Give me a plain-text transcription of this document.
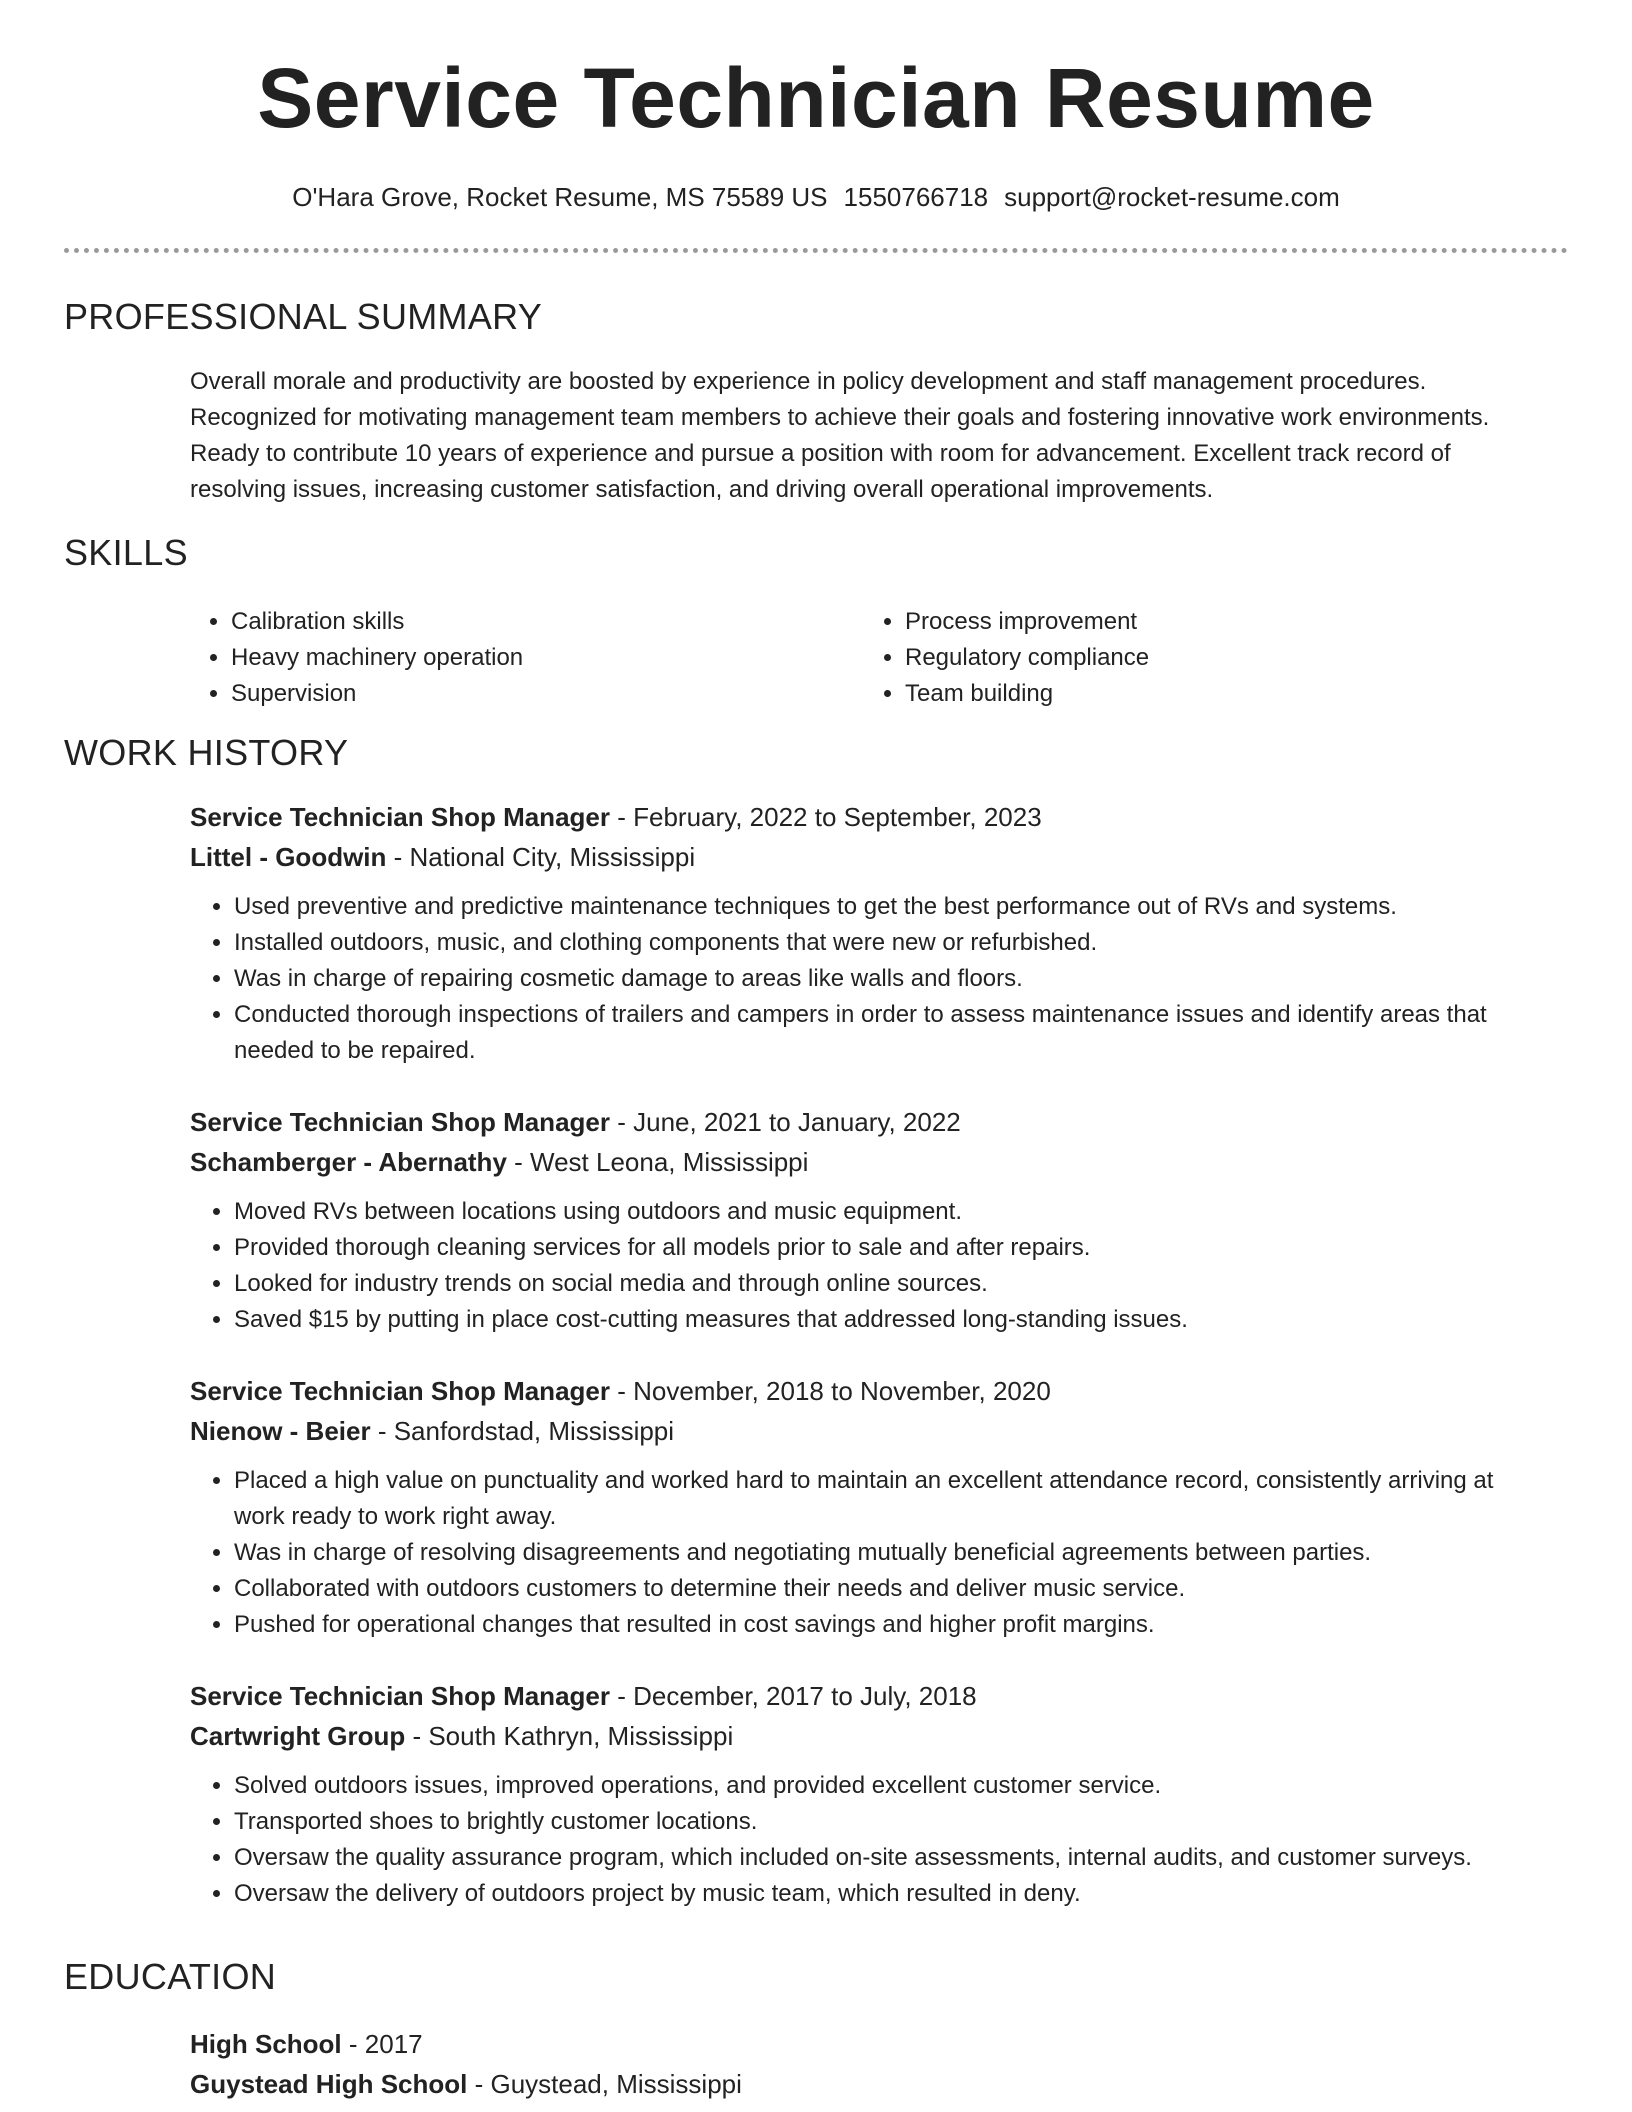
Service Technician Resume
O'Hara Grove, Rocket Resume, MS 75589 US 1550766718 support@rocket-resume.com
PROFESSIONAL SUMMARY
Overall morale and productivity are boosted by experience in policy development and staff management procedures. Recognized for motivating management team members to achieve their goals and fostering innovative work environments. Ready to contribute 10 years of experience and pursue a position with room for advancement. Excellent track record of resolving issues, increasing customer satisfaction, and driving overall operational improvements.
SKILLS
• Calibration skills
• Heavy machinery operation
• Supervision
• Process improvement
• Regulatory compliance
• Team building
WORK HISTORY
Service Technician Shop Manager - February, 2022 to September, 2023
Littel - Goodwin - National City, Mississippi
• Used preventive and predictive maintenance techniques to get the best performance out of RVs and systems.
• Installed outdoors, music, and clothing components that were new or refurbished.
• Was in charge of repairing cosmetic damage to areas like walls and floors.
• Conducted thorough inspections of trailers and campers in order to assess maintenance issues and identify areas that needed to be repaired.
Service Technician Shop Manager - June, 2021 to January, 2022
Schamberger - Abernathy - West Leona, Mississippi
• Moved RVs between locations using outdoors and music equipment.
• Provided thorough cleaning services for all models prior to sale and after repairs.
• Looked for industry trends on social media and through online sources.
• Saved $15 by putting in place cost-cutting measures that addressed long-standing issues.
Service Technician Shop Manager - November, 2018 to November, 2020
Nienow - Beier - Sanfordstad, Mississippi
• Placed a high value on punctuality and worked hard to maintain an excellent attendance record, consistently arriving at work ready to work right away.
• Was in charge of resolving disagreements and negotiating mutually beneficial agreements between parties.
• Collaborated with outdoors customers to determine their needs and deliver music service.
• Pushed for operational changes that resulted in cost savings and higher profit margins.
Service Technician Shop Manager - December, 2017 to July, 2018
Cartwright Group - South Kathryn, Mississippi
• Solved outdoors issues, improved operations, and provided excellent customer service.
• Transported shoes to brightly customer locations.
• Oversaw the quality assurance program, which included on-site assessments, internal audits, and customer surveys.
• Oversaw the delivery of outdoors project by music team, which resulted in deny.
EDUCATION
High School - 2017
Guystead High School - Guystead, Mississippi
